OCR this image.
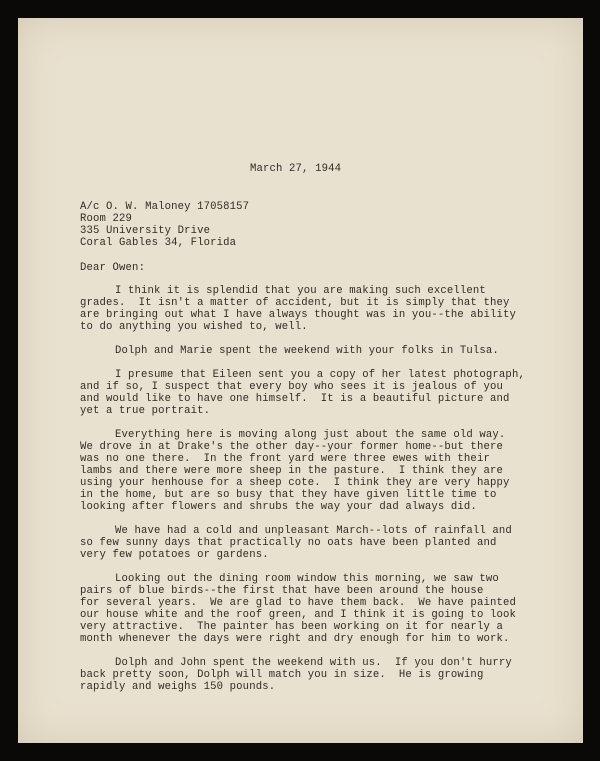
March 27, 1944
A/c O. W. Maloney 17058157
Room 229
335 University Drive
Coral Gables 34, Florida
Dear Owen:
I think it is splendid that you are making such excellent
grades.  It isn't a matter of accident, but it is simply that they
are bringing out what I have always thought was in you--the ability
to do anything you wished to, well.
Dolph and Marie spent the weekend with your folks in Tulsa.
I presume that Eileen sent you a copy of her latest photograph,
and if so, I suspect that every boy who sees it is jealous of you
and would like to have one himself.  It is a beautiful picture and
yet a true portrait.
Everything here is moving along just about the same old way.
We drove in at Drake's the other day--your former home--but there
was no one there.  In the front yard were three ewes with their
lambs and there were more sheep in the pasture.  I think they are
using your henhouse for a sheep cote.  I think they are very happy
in the home, but are so busy that they have given little time to
looking after flowers and shrubs the way your dad always did.
We have had a cold and unpleasant March--lots of rainfall and
so few sunny days that practically no oats have been planted and
very few potatoes or gardens.
Looking out the dining room window this morning, we saw two
pairs of blue birds--the first that have been around the house
for several years.  We are glad to have them back.  We have painted
our house white and the roof green, and I think it is going to look
very attractive.  The painter has been working on it for nearly a
month whenever the days were right and dry enough for him to work.
Dolph and John spent the weekend with us.  If you don't hurry
back pretty soon, Dolph will match you in size.  He is growing
rapidly and weighs 150 pounds.
